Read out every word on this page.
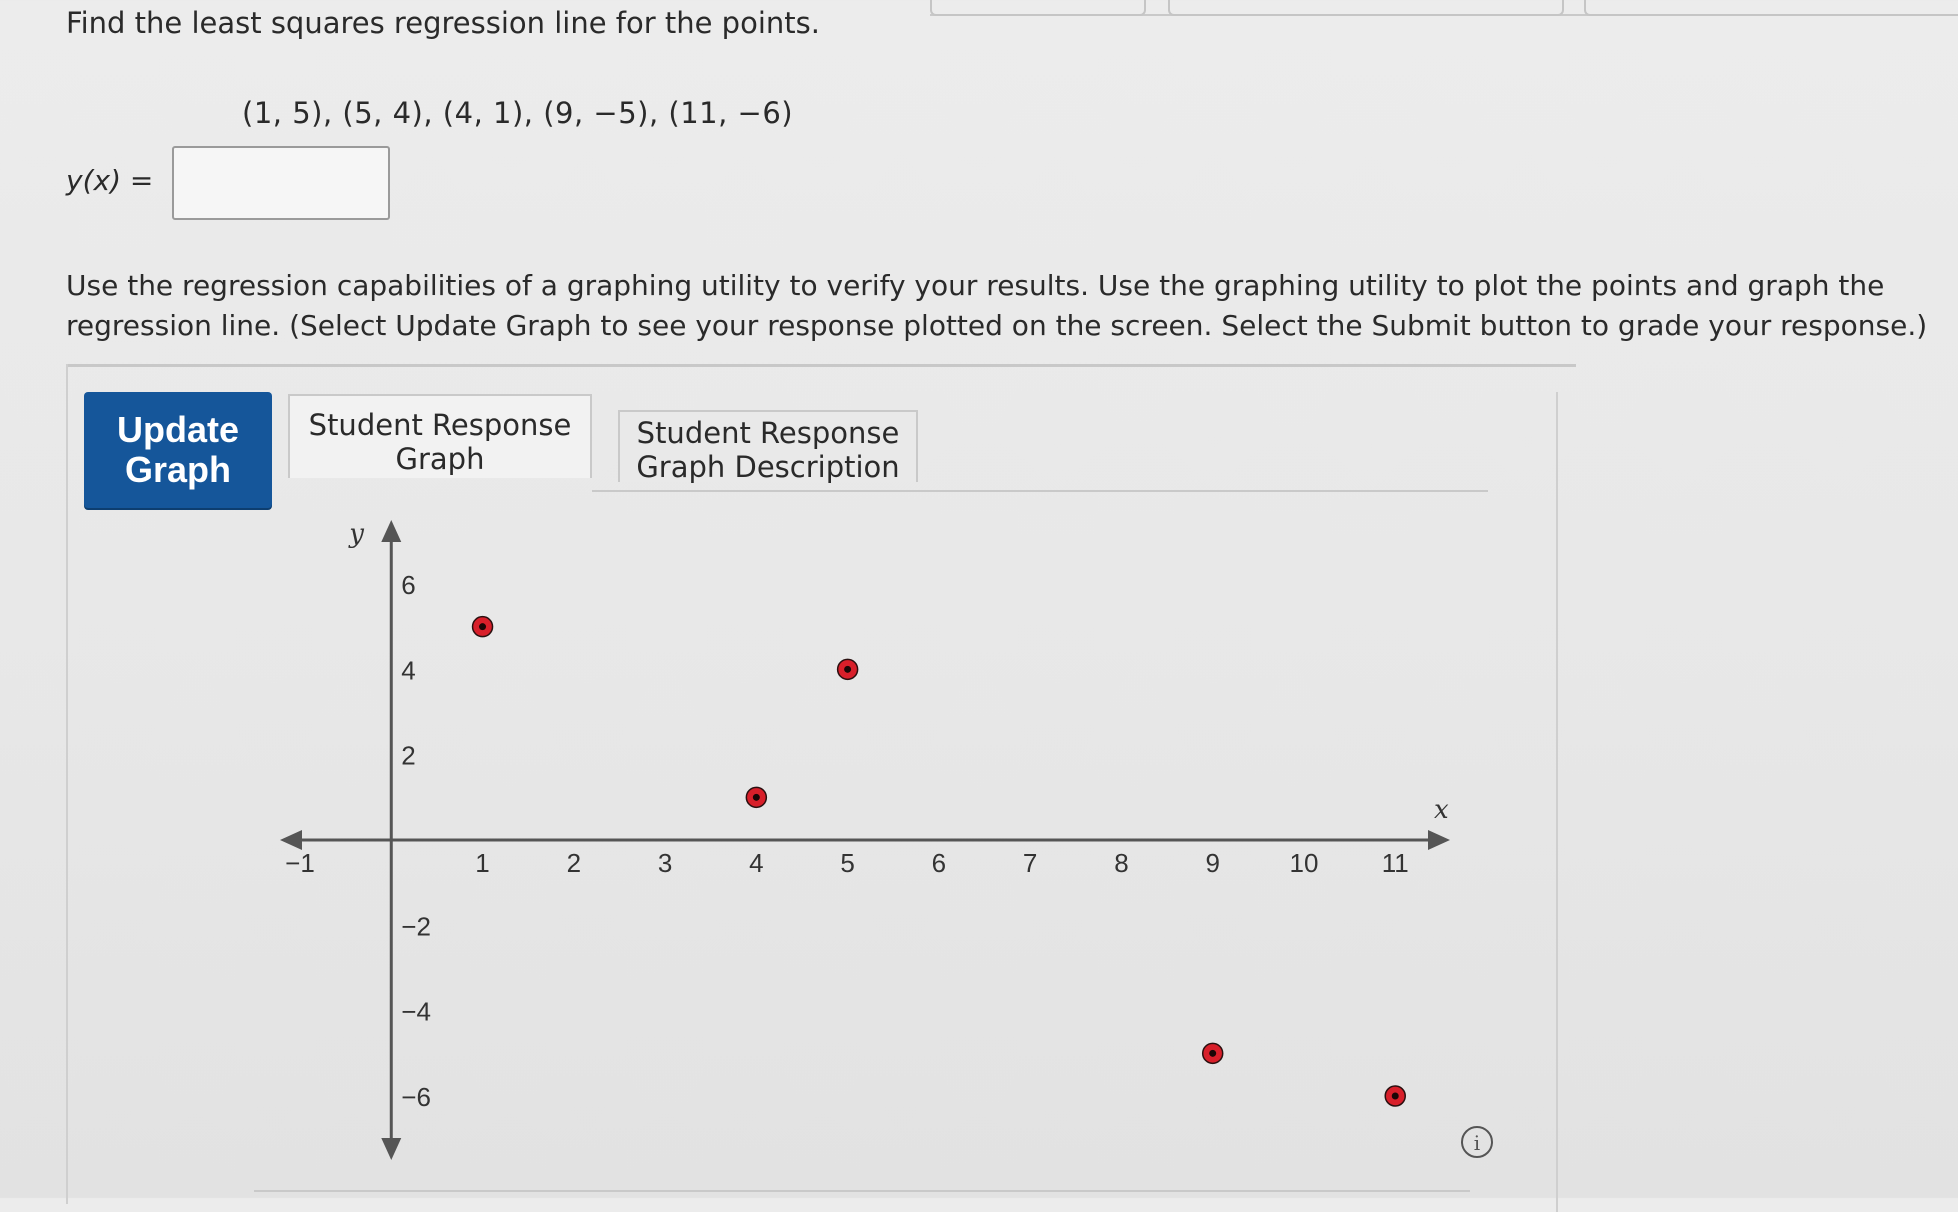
Find the least squares regression line for the points.
(1, 5), (5, 4), (4, 1), (9, −5), (11, −6)
y(x) =
Use the regression capabilities of a graphing utility to verify your results. Use the graphing utility to plot the points and graph the regression line. (Select Update Graph to see your response plotted on the screen. Select the Submit button to grade your response.)
Update
Graph
Student Response
Graph
Student Response
Graph Description
x
y
−1	1	2	3	4	5	6	7	8	9	10 11
6
4
2
−2
−4
−6
i
